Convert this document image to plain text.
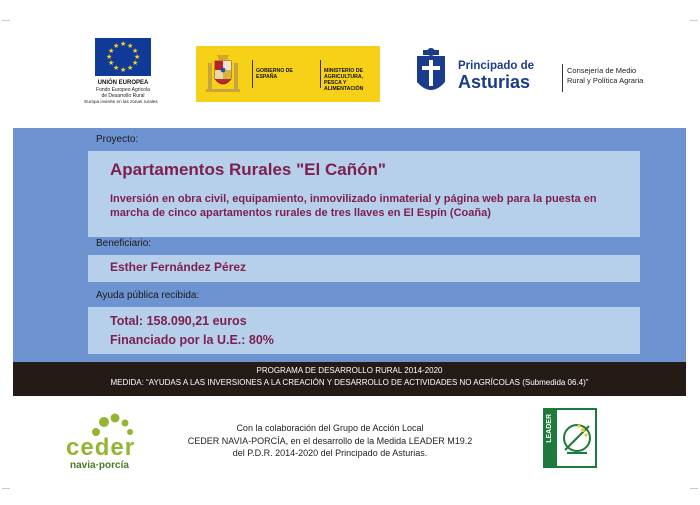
★ ★
★
★
★
★
★
★
★
★
★
★
UNIÓN EUROPEA
Fondo Europeo Agrícola
de Desarrollo Rural
Europa invierte en las zonas rurales
GOBIERNO DE ESPAÑA
MINISTERIO DE AGRICULTURA, PESCA Y ALIMENTACIÓN
Principado de
Asturias
Consejería de Medio Rural y Política Agraria
Proyecto:
Apartamentos Rurales "El Cañón"
Inversión en obra civil, equipamiento, inmovilizado inmaterial y página web para la puesta en marcha de cinco apartamentos rurales de tres llaves en El Espín (Coaña)
Beneficiario:
Esther Fernández Pérez
Ayuda pública recibida:
Total: 158.090,21 euros
Financiado por la U.E.: 80%
PROGRAMA DE DESARROLLO RURAL 2014-2020
MEDIDA: “AYUDAS A LAS INVERSIONES A LA CREACIÓN Y DESARROLLO DE ACTIVIDADES NO AGRÍCOLAS (Submedida 06.4)”
ceder
navia·porcía
Con la colaboración del Grupo de Acción Local
CEDER NAVIA-PORCÍA, en el desarrollo de la Medida LEADER M19.2
del P.D.R. 2014-2020 del Principado de Asturias.
LEADER
